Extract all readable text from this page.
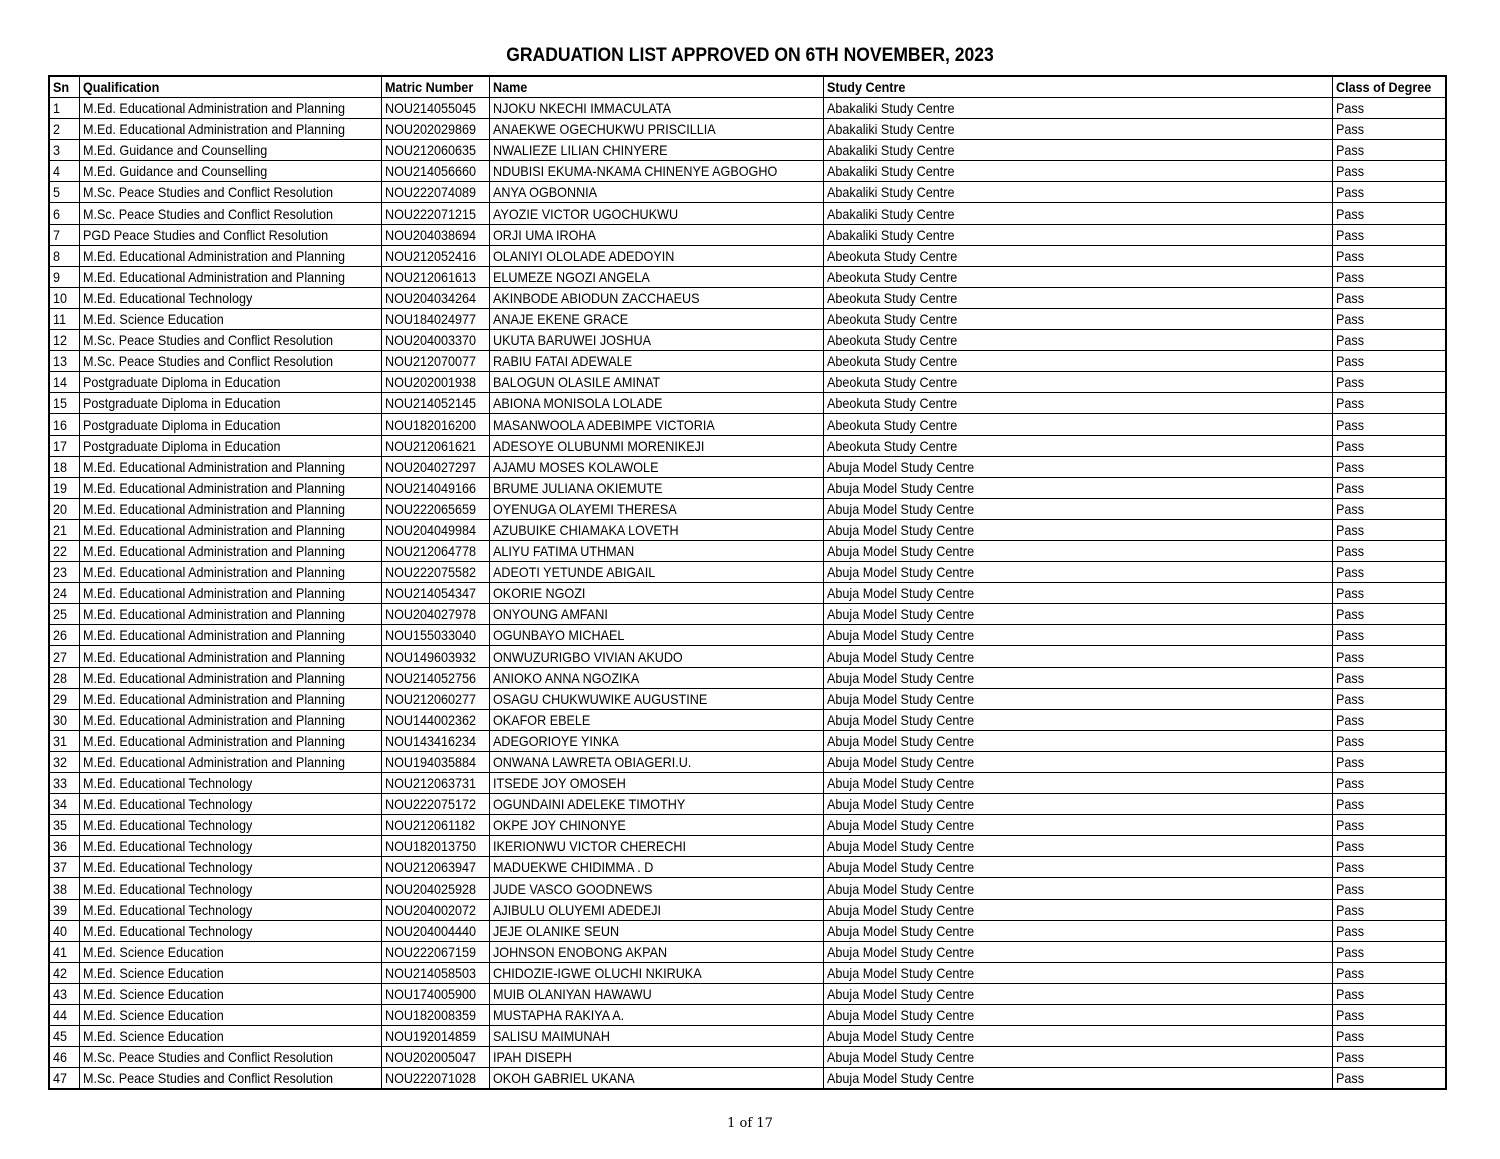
GRADUATION LIST APPROVED ON 6TH NOVEMBER, 2023
Sn	Qualification	Matric Number	Name	Study Centre	Class of Degree
1	M.Ed. Educational Administration and Planning	NOU214055045	NJOKU NKECHI IMMACULATA	Abakaliki Study Centre	Pass
2	M.Ed. Educational Administration and Planning	NOU202029869	ANAEKWE OGECHUKWU PRISCILLIA	Abakaliki Study Centre	Pass
3	M.Ed. Guidance and Counselling	NOU212060635	NWALIEZE LILIAN CHINYERE	Abakaliki Study Centre	Pass
4	M.Ed. Guidance and Counselling	NOU214056660	NDUBISI EKUMA-NKAMA CHINENYE AGBOGHO	Abakaliki Study Centre	Pass
5	M.Sc. Peace Studies and Conflict Resolution	NOU222074089	ANYA OGBONNIA	Abakaliki Study Centre	Pass
6	M.Sc. Peace Studies and Conflict Resolution	NOU222071215	AYOZIE VICTOR UGOCHUKWU	Abakaliki Study Centre	Pass
7	PGD Peace Studies and Conflict Resolution	NOU204038694	ORJI UMA IROHA	Abakaliki Study Centre	Pass
8	M.Ed. Educational Administration and Planning	NOU212052416	OLANIYI OLOLADE ADEDOYIN	Abeokuta Study Centre	Pass
9	M.Ed. Educational Administration and Planning	NOU212061613	ELUMEZE NGOZI ANGELA	Abeokuta Study Centre	Pass
10	M.Ed. Educational Technology	NOU204034264	AKINBODE ABIODUN ZACCHAEUS	Abeokuta Study Centre	Pass
11	M.Ed. Science Education	NOU184024977	ANAJE EKENE GRACE	Abeokuta Study Centre	Pass
12	M.Sc. Peace Studies and Conflict Resolution	NOU204003370	UKUTA BARUWEI JOSHUA	Abeokuta Study Centre	Pass
13	M.Sc. Peace Studies and Conflict Resolution	NOU212070077	RABIU FATAI ADEWALE	Abeokuta Study Centre	Pass
14	Postgraduate Diploma in Education	NOU202001938	BALOGUN OLASILE AMINAT	Abeokuta Study Centre	Pass
15	Postgraduate Diploma in Education	NOU214052145	ABIONA MONISOLA LOLADE	Abeokuta Study Centre	Pass
16	Postgraduate Diploma in Education	NOU182016200	MASANWOOLA ADEBIMPE VICTORIA	Abeokuta Study Centre	Pass
17	Postgraduate Diploma in Education	NOU212061621	ADESOYE OLUBUNMI MORENIKEJI	Abeokuta Study Centre	Pass
18	M.Ed. Educational Administration and Planning	NOU204027297	AJAMU MOSES KOLAWOLE	Abuja Model Study Centre	Pass
19	M.Ed. Educational Administration and Planning	NOU214049166	BRUME JULIANA OKIEMUTE	Abuja Model Study Centre	Pass
20	M.Ed. Educational Administration and Planning	NOU222065659	OYENUGA OLAYEMI THERESA	Abuja Model Study Centre	Pass
21	M.Ed. Educational Administration and Planning	NOU204049984	AZUBUIKE CHIAMAKA LOVETH	Abuja Model Study Centre	Pass
22	M.Ed. Educational Administration and Planning	NOU212064778	ALIYU FATIMA UTHMAN	Abuja Model Study Centre	Pass
23	M.Ed. Educational Administration and Planning	NOU222075582	ADEOTI YETUNDE ABIGAIL	Abuja Model Study Centre	Pass
24	M.Ed. Educational Administration and Planning	NOU214054347	OKORIE NGOZI	Abuja Model Study Centre	Pass
25	M.Ed. Educational Administration and Planning	NOU204027978	ONYOUNG AMFANI	Abuja Model Study Centre	Pass
26	M.Ed. Educational Administration and Planning	NOU155033040	OGUNBAYO MICHAEL	Abuja Model Study Centre	Pass
27	M.Ed. Educational Administration and Planning	NOU149603932	ONWUZURIGBO VIVIAN AKUDO	Abuja Model Study Centre	Pass
28	M.Ed. Educational Administration and Planning	NOU214052756	ANIOKO ANNA NGOZIKA	Abuja Model Study Centre	Pass
29	M.Ed. Educational Administration and Planning	NOU212060277	OSAGU CHUKWUWIKE AUGUSTINE	Abuja Model Study Centre	Pass
30	M.Ed. Educational Administration and Planning	NOU144002362	OKAFOR EBELE	Abuja Model Study Centre	Pass
31	M.Ed. Educational Administration and Planning	NOU143416234	ADEGORIOYE YINKA	Abuja Model Study Centre	Pass
32	M.Ed. Educational Administration and Planning	NOU194035884	ONWANA LAWRETA OBIAGERI.U.	Abuja Model Study Centre	Pass
33	M.Ed. Educational Technology	NOU212063731	ITSEDE JOY OMOSEH	Abuja Model Study Centre	Pass
34	M.Ed. Educational Technology	NOU222075172	OGUNDAINI ADELEKE TIMOTHY	Abuja Model Study Centre	Pass
35	M.Ed. Educational Technology	NOU212061182	OKPE JOY CHINONYE	Abuja Model Study Centre	Pass
36	M.Ed. Educational Technology	NOU182013750	IKERIONWU VICTOR CHERECHI	Abuja Model Study Centre	Pass
37	M.Ed. Educational Technology	NOU212063947	MADUEKWE CHIDIMMA . D	Abuja Model Study Centre	Pass
38	M.Ed. Educational Technology	NOU204025928	JUDE VASCO GOODNEWS	Abuja Model Study Centre	Pass
39	M.Ed. Educational Technology	NOU204002072	AJIBULU OLUYEMI ADEDEJI	Abuja Model Study Centre	Pass
40	M.Ed. Educational Technology	NOU204004440	JEJE OLANIKE SEUN	Abuja Model Study Centre	Pass
41	M.Ed. Science Education	NOU222067159	JOHNSON ENOBONG AKPAN	Abuja Model Study Centre	Pass
42	M.Ed. Science Education	NOU214058503	CHIDOZIE-IGWE OLUCHI NKIRUKA	Abuja Model Study Centre	Pass
43	M.Ed. Science Education	NOU174005900	MUIB OLANIYAN HAWAWU	Abuja Model Study Centre	Pass
44	M.Ed. Science Education	NOU182008359	MUSTAPHA RAKIYA A.	Abuja Model Study Centre	Pass
45	M.Ed. Science Education	NOU192014859	SALISU MAIMUNAH	Abuja Model Study Centre	Pass
46	M.Sc. Peace Studies and Conflict Resolution	NOU202005047	IPAH DISEPH	Abuja Model Study Centre	Pass
47	M.Sc. Peace Studies and Conflict Resolution	NOU222071028	OKOH GABRIEL UKANA	Abuja Model Study Centre	Pass
1 of 17
